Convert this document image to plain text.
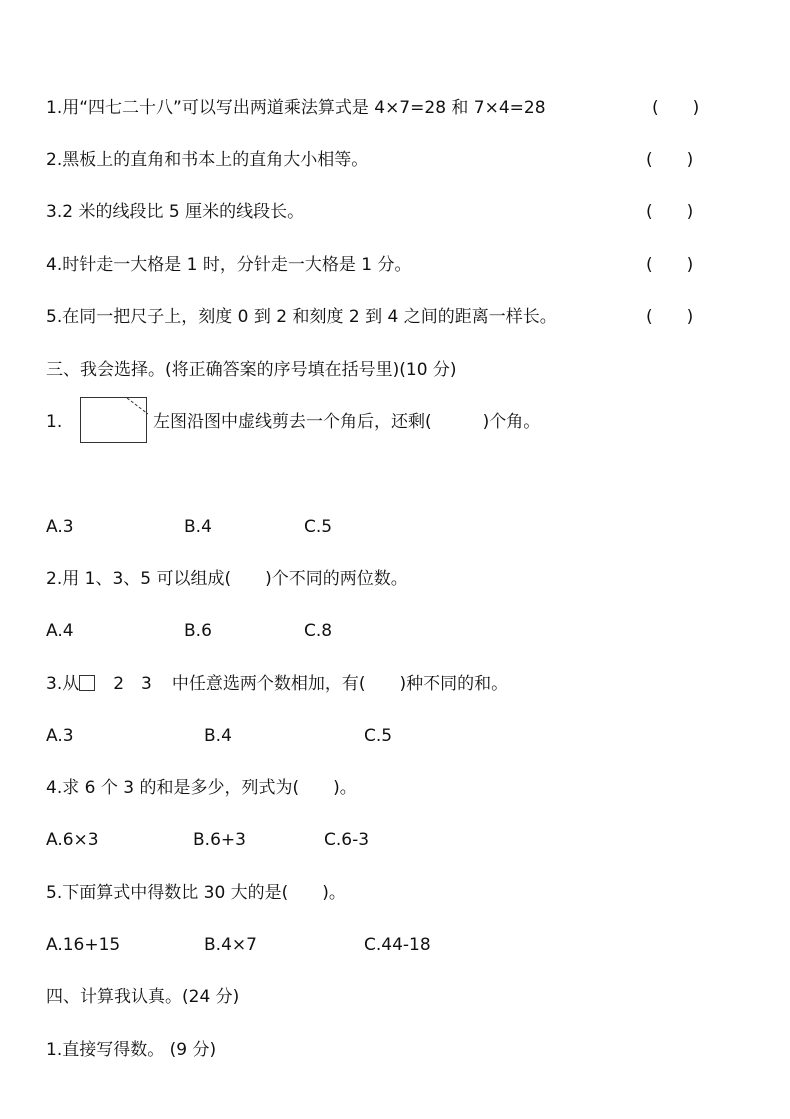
1.用“四七二十八”可以写出两道乘法算式是 4×7=28 和 7×4=28	(　　)
2.黑板上的直角和书本上的直角大小相等。	(　　)
3.2 米的线段比 5 厘米的线段长。	(　　)
4.时针走一大格是 1 时，分针走一大格是 1 分。	(　　)
5.在同一把尺子上，刻度 0 到 2 和刻度 2 到 4 之间的距离一样长。	(　　)
三、我会选择。(将正确答案的序号填在括号里)(10 分)
1.	左图沿图中虚线剪去一个角后，还剩(　　　)个角。
A.3	B.4	C.5
2.用 1、3、5 可以组成(　　)个不同的两位数。
A.4	B.6	C.8
3.从 2　3 中任意选两个数相加，有(　　)种不同的和。
A.3	B.4	C.5
4.求 6 个 3 的和是多少，列式为(　　)。
A.6×3	B.6+3	C.6-3
5.下面算式中得数比 30 大的是(　　)。
A.16+15	B.4×7	C.44-18
四、计算我认真。(24 分)
1.直接写得数。 (9 分)
